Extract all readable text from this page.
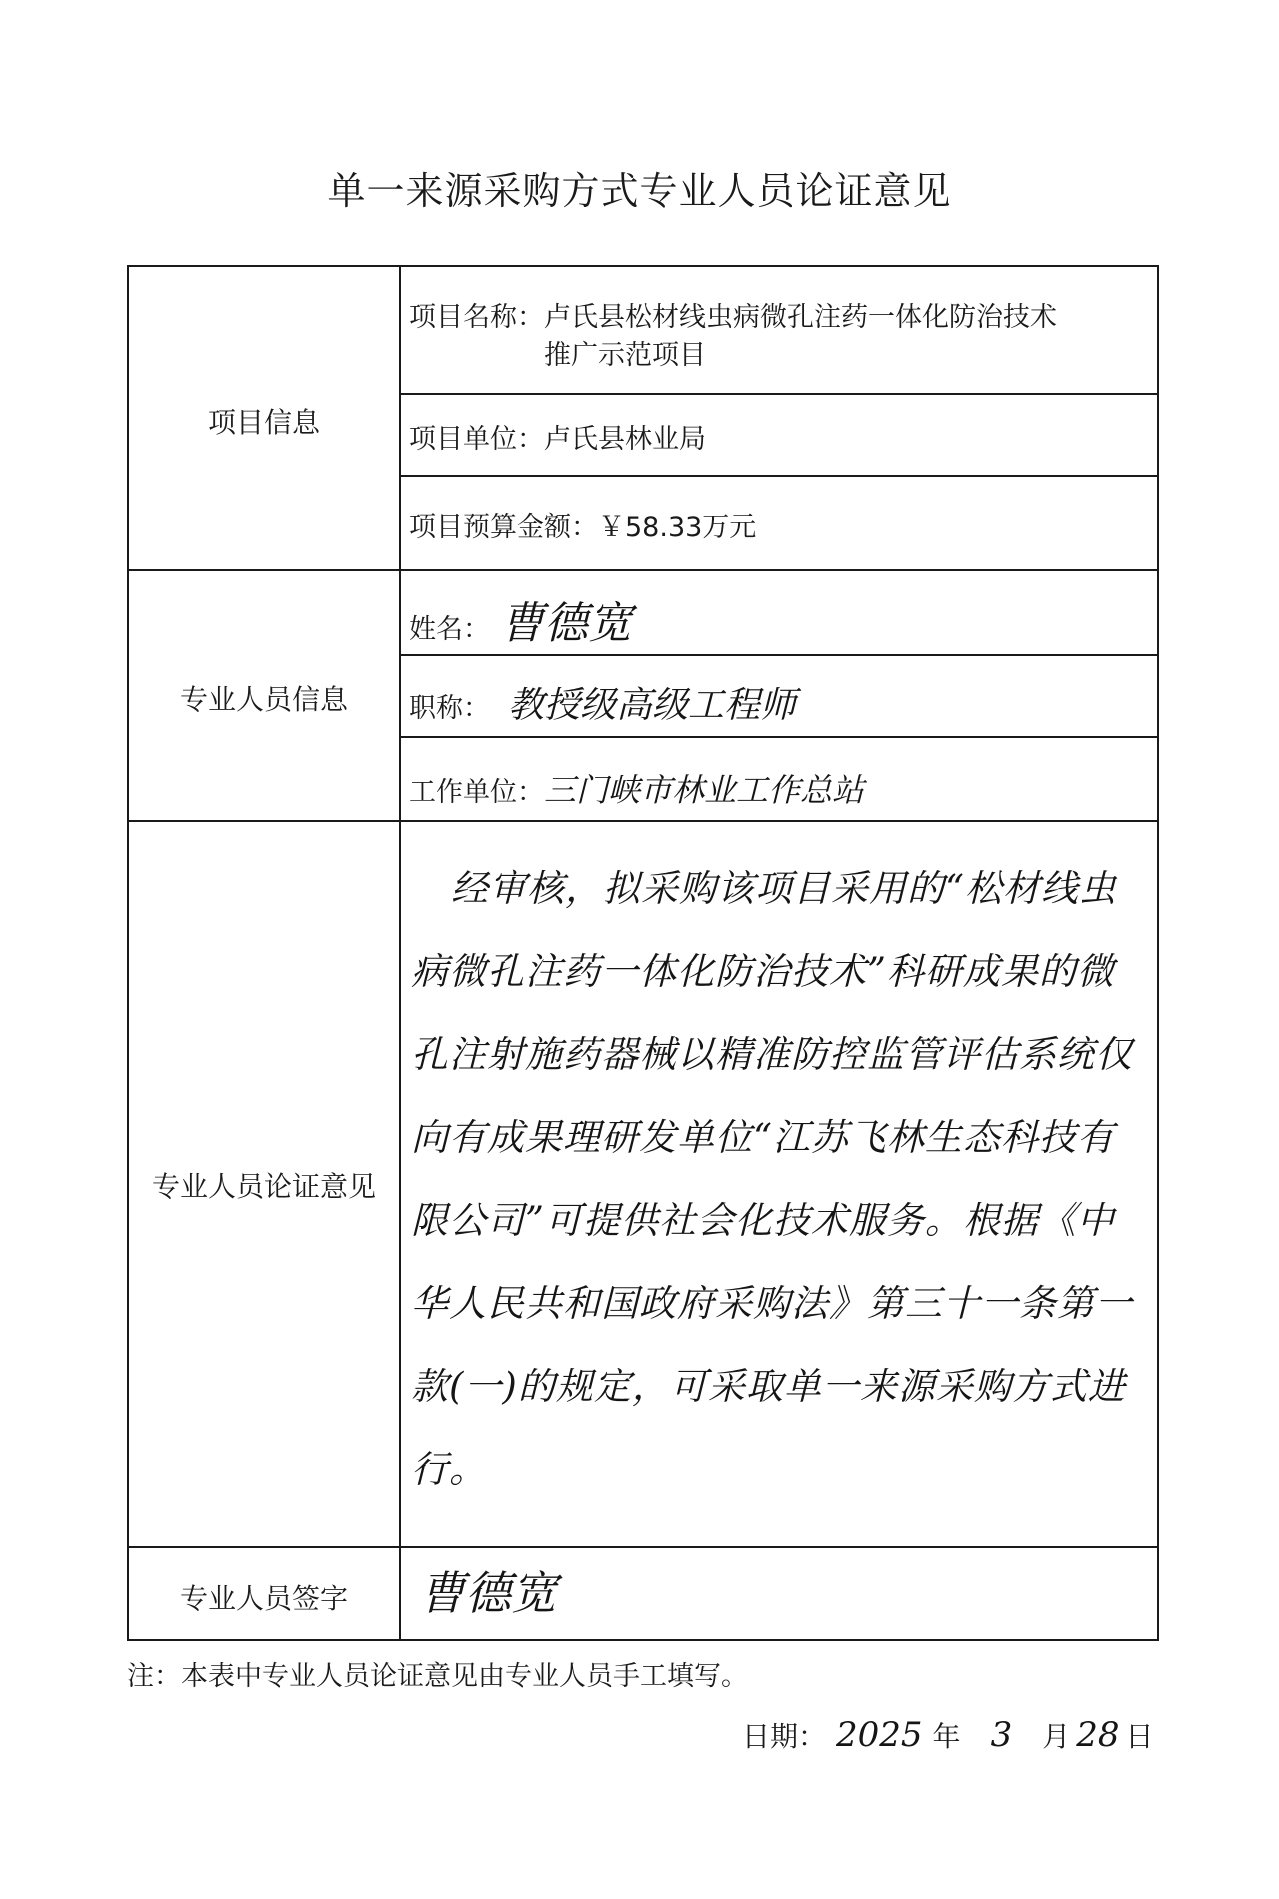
单一来源采购方式专业人员论证意见
项目信息
专业人员信息
专业人员论证意见
专业人员签字
项目名称：卢氏县松材线虫病微孔注药一体化防治技术
推广示范项目
项目单位：卢氏县林业局
项目预算金额：￥58.33万元
姓名： 曹德宽
职称： 教授级高级工程师
工作单位：三门峡市林业工作总站
经审核，拟采购该项目采用的“松材线虫病微孔注药一体化防治技术”科研成果的微孔注射施药器械以精准防控监管评估系统仅向有成果理研发单位“江苏飞林生态科技有限公司”可提供社会化技术服务。根据《中华人民共和国政府采购法》第三十一条第一款(一)的规定，可采取单一来源采购方式进行。
曹德宽
注：本表中专业人员论证意见由专业人员手工填写。
日期： 2025 年 3 月 28 日
